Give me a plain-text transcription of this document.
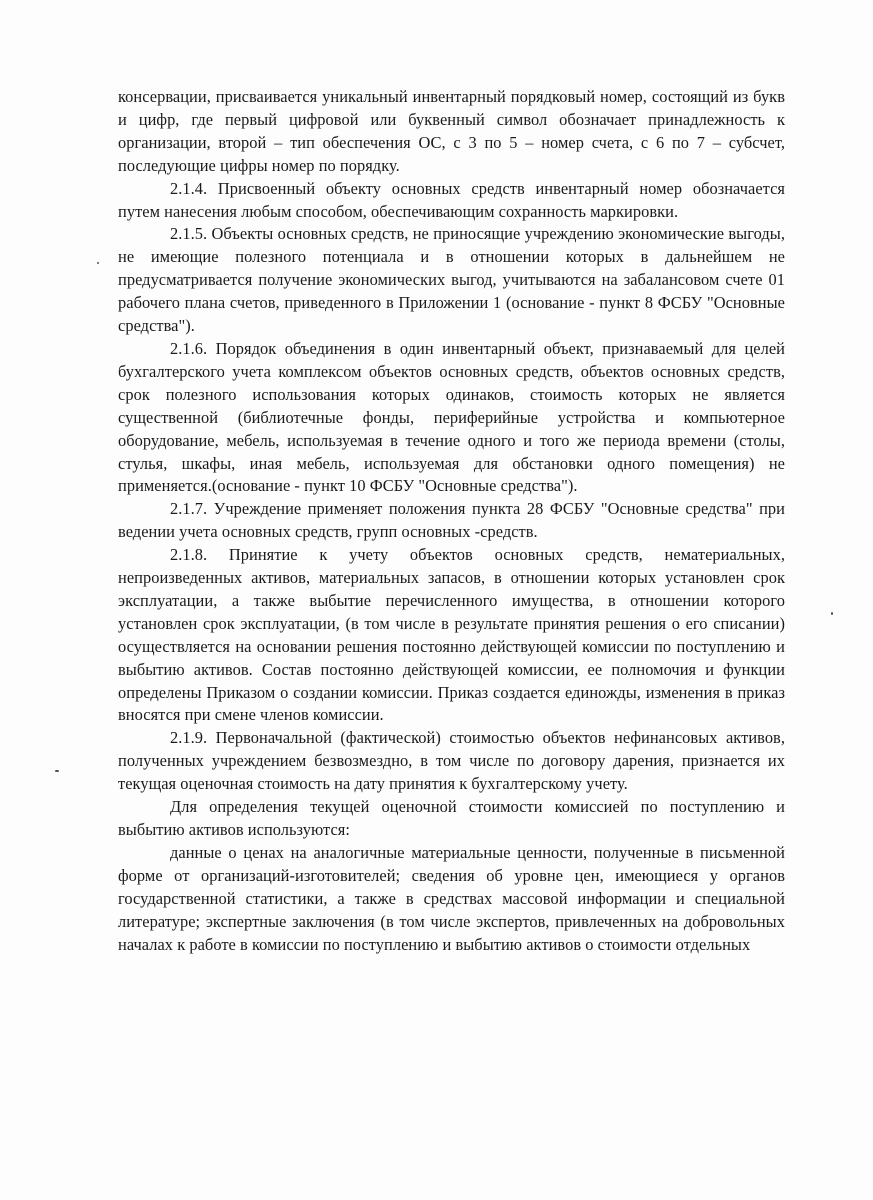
консервации, присваивается уникальный инвентарный порядковый номер, состоящий из букв и цифр, где первый цифровой или буквенный символ обозначает принадлежность к организации, второй – тип обеспечения ОС, с 3 по 5 – номер счета, с 6 по 7 – субсчет, последующие цифры номер по порядку.

2.1.4. Присвоенный объекту основных средств инвентарный номер обозначается путем нанесения любым способом, обеспечивающим сохранность маркировки.

2.1.5. Объекты основных средств, не приносящие учреждению экономические выгоды, не имеющие полезного потенциала и в отношении которых в дальнейшем не предусматривается получение экономических выгод, учитываются на забалансовом счете 01 рабочего плана счетов, приведенного в Приложении 1 (основание - пункт 8 ФСБУ "Основные средства").

2.1.6. Порядок объединения в один инвентарный объект, признаваемый для целей бухгалтерского учета комплексом объектов основных средств, объектов основных средств, срок полезного использования которых одинаков, стоимость которых не является существенной (библиотечные фонды, периферийные устройства и компьютерное оборудование, мебель, используемая в течение одного и того же периода времени (столы, стулья, шкафы, иная мебель, используемая для обстановки одного помещения) не применяется.(основание - пункт 10 ФСБУ "Основные средства").

2.1.7. Учреждение применяет положения пункта 28 ФСБУ "Основные средства" при ведении учета основных средств, групп основных -средств.

2.1.8. Принятие к учету объектов основных средств, нематериальных, непроизведенных активов, материальных запасов, в отношении которых установлен срок эксплуатации, а также выбытие перечисленного имущества, в отношении которого установлен срок эксплуатации, (в том числе в результате принятия решения о его списании) осуществляется на основании решения постоянно действующей комиссии по поступлению и выбытию активов. Состав постоянно действующей комиссии, ее полномочия и функции определены Приказом о создании комиссии. Приказ создается единожды, изменения в приказ вносятся при смене членов комиссии.

2.1.9. Первоначальной (фактической) стоимостью объектов нефинансовых активов, полученных учреждением безвозмездно, в том числе по договору дарения, признается их текущая оценочная стоимость на дату принятия к бухгалтерскому учету.

Для определения текущей оценочной стоимости комиссией по поступлению и выбытию активов используются:

данные о ценах на аналогичные материальные ценности, полученные в письменной форме от организаций-изготовителей; сведения об уровне цен, имеющиеся у органов государственной статистики, а также в средствах массовой информации и специальной литературе; экспертные заключения (в том числе экспертов, привлеченных на добровольных началах к работе в комиссии по поступлению и выбытию активов о стоимости отдельных
